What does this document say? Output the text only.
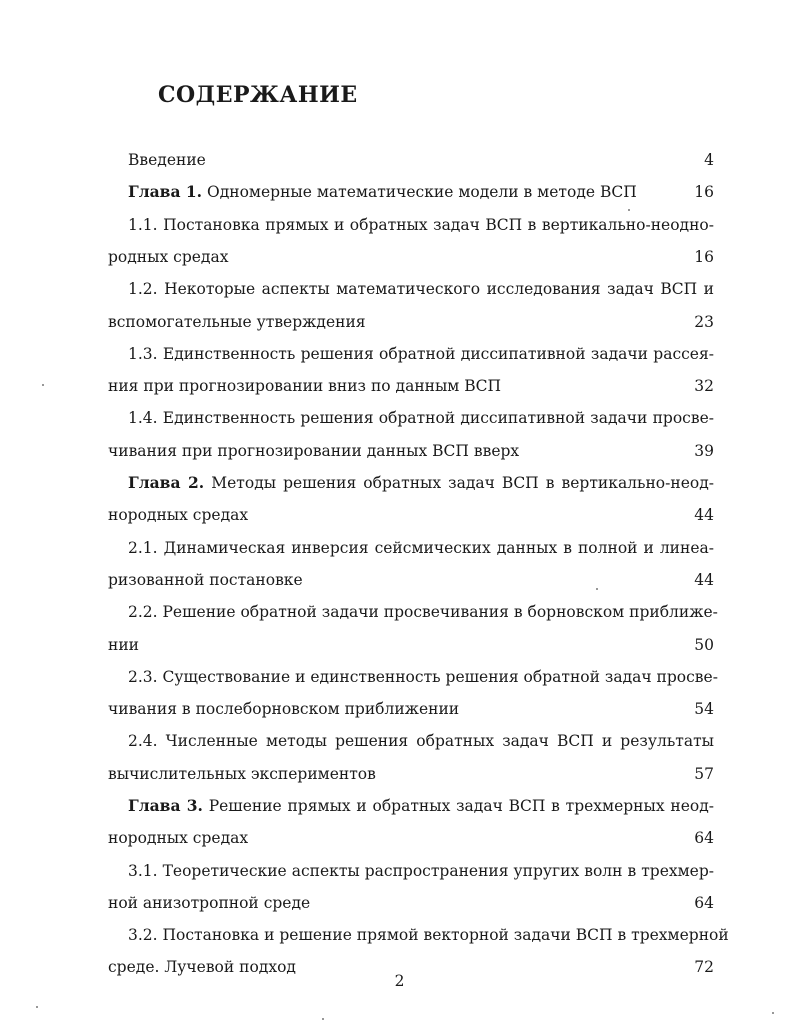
СОДЕРЖАНИЕ
Введение	4
Глава 1. Одномерные математические модели в методе ВСП	16
1.1. Постановка прямых и обратных задач ВСП в вертикально-неодно-
родных средах	16
1.2. Некоторые аспекты математического исследования задач ВСП и
вспомогательные утверждения	23
1.3. Единственность решения обратной диссипативной задачи рассея-
ния при прогнозировании вниз по данным ВСП	32
1.4. Единственность решения обратной диссипативной задачи просве-
чивания при прогнозировании данных ВСП вверх	39
Глава 2. Методы решения обратных задач ВСП в вертикально-неод-
нородных средах	44
2.1. Динамическая инверсия сейсмических данных в полной и линеа-
ризованной постановке	44
2.2. Решение обратной задачи просвечивания в борновском приближе-
нии	50
2.3. Существование и единственность решения обратной задач просве-
чивания в послеборновском приближении	54
2.4. Численные методы решения обратных задач ВСП и результаты
вычислительных экспериментов	57
Глава 3. Решение прямых и обратных задач ВСП в трехмерных неод-
нородных средах	64
3.1. Теоретические аспекты распространения упругих волн в трехмер-
ной анизотропной среде	64
3.2. Постановка и решение прямой векторной задачи ВСП в трехмерной
среде. Лучевой подход	72
2
